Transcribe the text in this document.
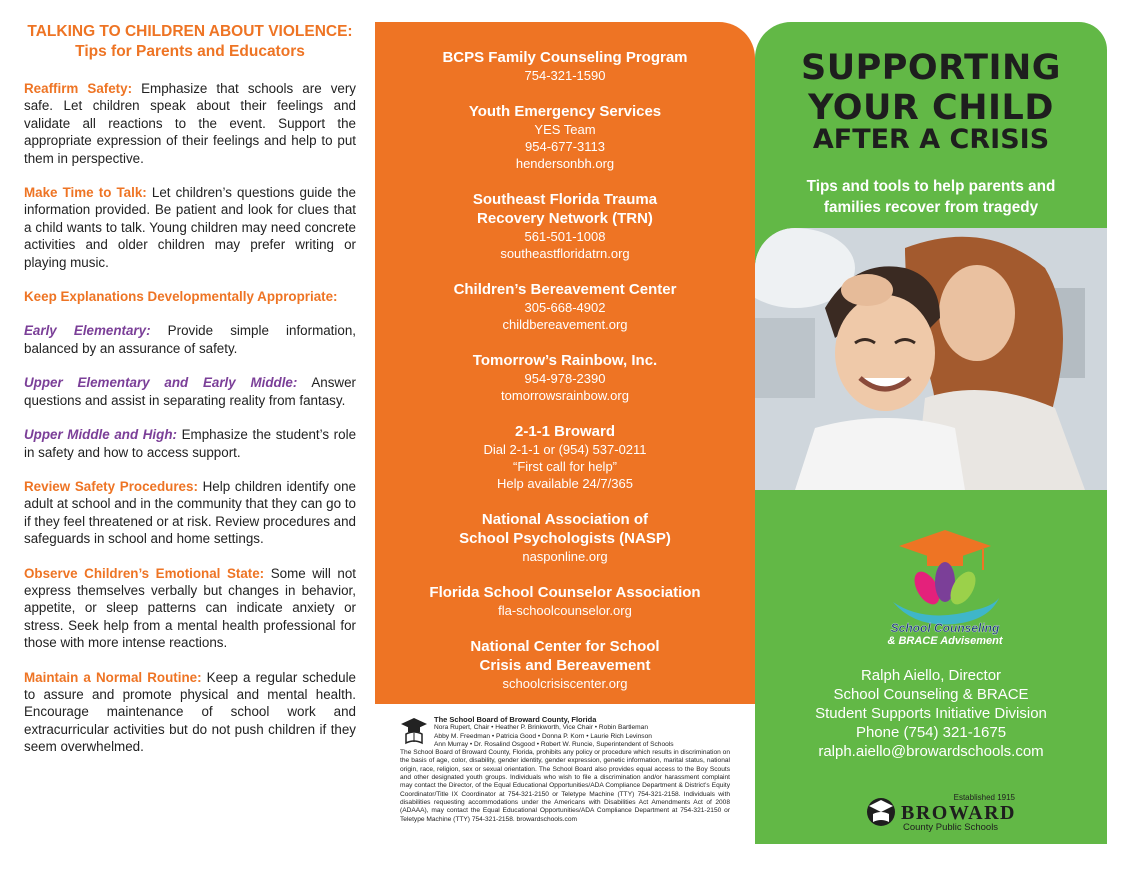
TALKING TO CHILDREN ABOUT VIOLENCE:
Tips for Parents and Educators
Reaffirm Safety: Emphasize that schools are very safe. Let children speak about their feelings and validate all reactions to the event. Support the appropriate expression of their feelings and help to put them in perspective.
Make Time to Talk: Let children’s questions guide the information provided. Be patient and look for clues that a child wants to talk. Young children may need concrete activities and older children may prefer writing or playing music.
Keep Explanations Developmentally Appropriate:
Early Elementary: Provide simple information, balanced by an assurance of safety.
Upper Elementary and Early Middle: Answer questions and assist in separating reality from fantasy.
Upper Middle and High: Emphasize the student’s role in safety and how to access support.
Review Safety Procedures: Help children identify one adult at school and in the community that they can go to if they feel threatened or at risk. Review procedures and safeguards in school and home settings.
Observe Children’s Emotional State: Some will not express themselves verbally but changes in behavior, appetite, or sleep patterns can indicate anxiety or stress. Seek help from a mental health professional for those with more intense reactions.
Maintain a Normal Routine: Keep a regular schedule to assure and promote physical and mental health. Encourage maintenance of school work and extracurricular activities but do not push children if they seem overwhelmed.
BCPS Family Counseling Program
754-321-1590
Youth Emergency Services
YES Team
954-677-3113
hendersonbh.org
Southeast Florida Trauma
Recovery Network (TRN)
561-501-1008
southeastfloridatrn.org
Children’s Bereavement Center
305-668-4902
childbereavement.org
Tomorrow’s Rainbow, Inc.
954-978-2390
tomorrowsrainbow.org
2-1-1 Broward
Dial 2-1-1 or (954) 537-0211
“First call for help”
Help available 24/7/365
National Association of
School Psychologists (NASP)
nasponline.org
Florida School Counselor Association
fla-schoolcounselor.org
National Center for School
Crisis and Bereavement
schoolcrisiscenter.org
The School Board of Broward County, Florida
Nora Rupert, Chair • Heather P. Brinkworth, Vice Chair • Robin Bartleman
Abby M. Freedman • Patricia Good • Donna P. Korn • Laurie Rich Levinson
Ann Murray • Dr. Rosalind Osgood • Robert W. Runcie, Superintendent of Schools
The School Board of Broward County, Florida, prohibits any policy or procedure which results in discrimination on the basis of age, color, disability, gender identity, gender expression, genetic information, marital status, national origin, race, religion, sex or sexual orientation. The School Board also provides equal access to the Boy Scouts and other designated youth groups. Individuals who wish to file a discrimination and/or harassment complaint may contact the Director, of the Equal Educational Opportunities/ADA Compliance Department & District’s Equity Coordinator/Title IX Coordinator at 754-321-2150 or Teletype Machine (TTY) 754-321-2158. Individuals with disabilities requesting accommodations under the Americans with Disabilities Act Amendments Act of 2008 (ADAAA), may contact the Equal Educational Opportunities/ADA Compliance Department at 754-321-2150 or Teletype Machine (TTY) 754-321-2158. browardschools.com
SUPPORTING
YOUR CHILD
AFTER A CRISIS
Tips and tools to help parents and
families recover from tragedy
School Counseling
& BRACE Advisement
Ralph Aiello, Director
School Counseling & BRACE
Student Supports Initiative Division
Phone (754) 321-1675
ralph.aiello@browardschools.com
Established 1915
BROWARD
County Public Schools
